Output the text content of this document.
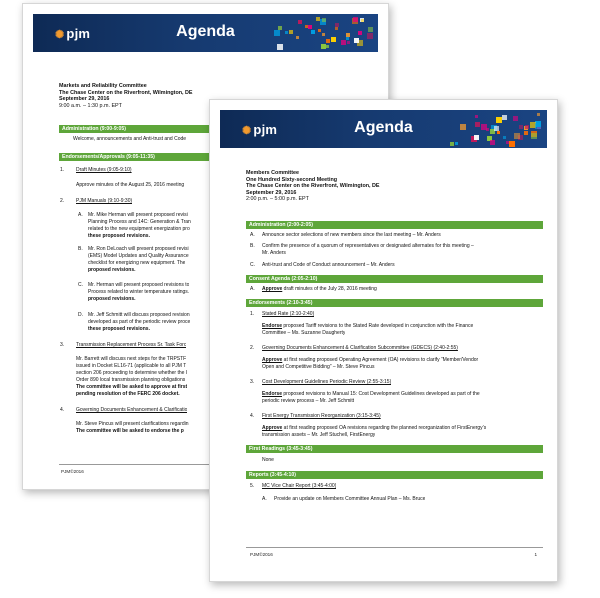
✺ pjm	Agenda
Markets and Reliability Committee
The Chase Center on the Riverfront, Wilmington, DE
September 29, 2016
9:00 a.m. – 1:30 p.m. EPT
Administration (9:00-9:05)
Welcome, announcements and Anti-trust and Code
Endorsements/Approvals (9:05-11:35)
1. Draft Minutes (9:05-9:10)
Approve minutes of the August 25, 2016 meeting
2. PJM Manuals (9:10-9:30)
A. Mr. Mike Herman will present proposed revisi
Planning Process and 14C: Generation & Tran
related to the new equipment energization pro
these proposed revisions.
B. Mr. Ron DeLoach will present proposed revisi
(EMS) Model Updates and Quality Assurance
checklist for energizing new equipment. The
proposed revisions.
C. Mr. Herman will present proposed revisions to
Process related to winter temperature ratings.
proposed revisions.
D. Mr. Jeff Schmitt will discuss proposed revision
developed as part of the periodic review proce
these proposed revisions.
3. Transmission Replacement Process Sr. Task Forc
Mr. Barrett will discuss next steps for the TRPSTF
issued in Docket EL16-71 (applicable to all PJM T
section 206 proceeding to determine whether the I
Order 890 local transmission planning obligations
The committee will be asked to approve at first
pending resolution of the FERC 206 docket.
4. Governing Documents Enhancement & Clarificatio
Mr. Steve Pincus will present clarifications regardin
The committee will be asked to endorse the p
PJM©2016
✺ pjm	Agenda
Members Committee
One Hundred Sixty-second Meeting
The Chase Center on the Riverfront, Wilmington, DE
September 29, 2016
2:00 p.m. – 5:00 p.m. EPT
Administration (2:00-2:05)
A. Announce sector selections of new members since the last meeting – Mr. Anders
B. Confirm the presence of a quorum of representatives or designated alternates for this meeting –
Mr. Anders
C. Anti-trust and Code of Conduct announcement – Mr. Anders
Consent Agenda (2:05-2:10)
A. Approve draft minutes of the July 28, 2016 meeting
Endorsements (2:10-3:45)
1. Stated Rate (2:10-2:40)
Endorse proposed Tariff revisions to the Stated Rate developed in conjunction with the Finance
Committee – Ms. Suzanne Daugherty
2. Governing Documents Enhancement & Clarification Subcommittee (GDECS) (2:40-2:55)
Approve at first reading proposed Operating Agreement (OA) revisions to clarify “Member/Vendor
Open and Competitive Bidding” – Mr. Steve Pincus
3. Cost Development Guidelines Periodic Review (2:55-3:15)
Endorse proposed revisions to Manual 15: Cost Development Guidelines developed as part of the
periodic review process – Mr. Jeff Schmitt
4. First Energy Transmission Reorganization (3:15-3:45)
Approve at first reading proposed OA revisions regarding the planned reorganization of FirstEnergy’s
transmission assets – Mr. Jeff Stuchell, FirstEnergy
First Readings (3:45-3:45)
None
Reports (3:45-4:10)
5. MC Vice Chair Report (3:45-4:00)
A. Provide an update on Members Committee Annual Plan – Ms. Bruce
PJM©2016	1
